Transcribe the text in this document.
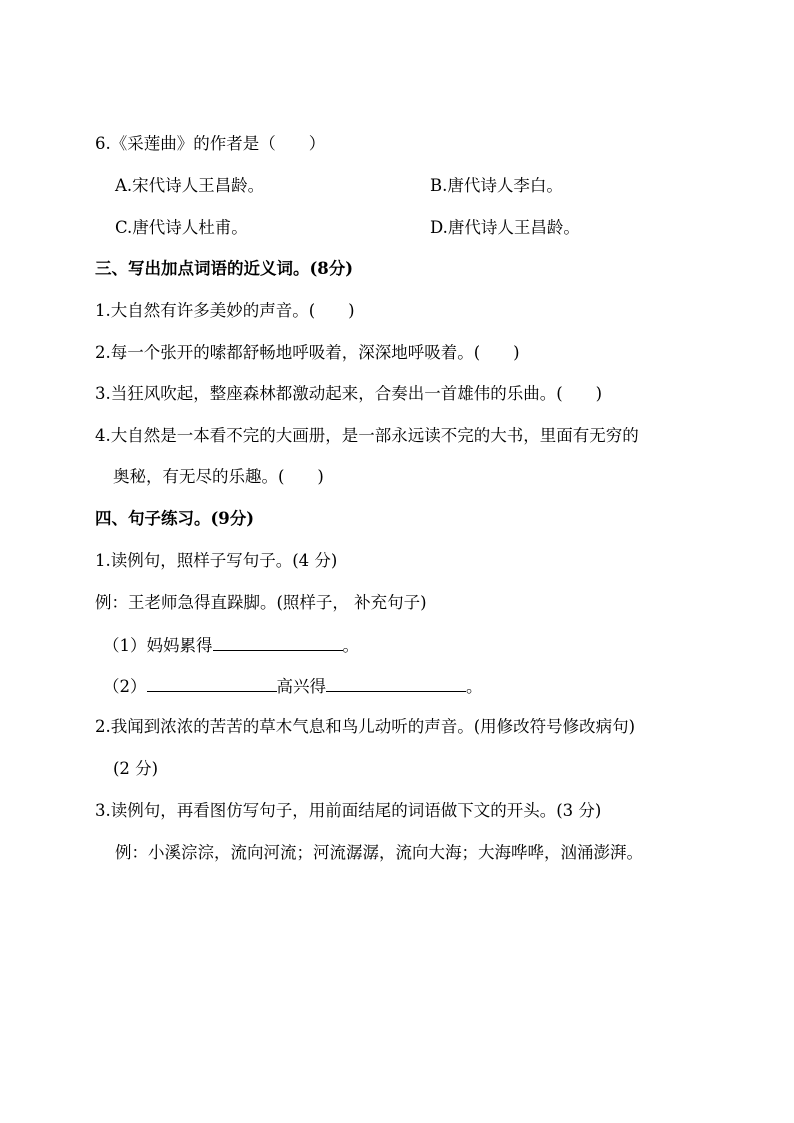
6.《采莲曲》的作者是（　　）
A.宋代诗人王昌龄。	B.唐代诗人李白。
C.唐代诗人杜甫。	D.唐代诗人王昌龄。
三、写出加点词语的近义词。(8分)
1.大自然有许多美妙的声音。(　　)
2.每一个张开的嗦都舒畅地呼吸着，深深地呼吸着。(　　)
3.当狂风吹起，整座森林都激动起来，合奏出一首雄伟的乐曲。(　　)
4.大自然是一本看不完的大画册，是一部永远读不完的大书，里面有无穷的
奥秘，有无尽的乐趣。(　　)
四、句子练习。(9分)
1.读例句，照样子写句子。(4 分)
例：王老师急得直跺脚。(照样子， 补充句子)
（1）妈妈累得	。
（2）	高兴得	。
2.我闻到浓浓的苦苦的草木气息和鸟儿动听的声音。(用修改符号修改病句)
(2 分)
3.读例句，再看图仿写句子，用前面结尾的词语做下文的开头。(3 分)
例：小溪淙淙，流向河流；河流潺潺，流向大海；大海哗哗，汹涌澎湃。
